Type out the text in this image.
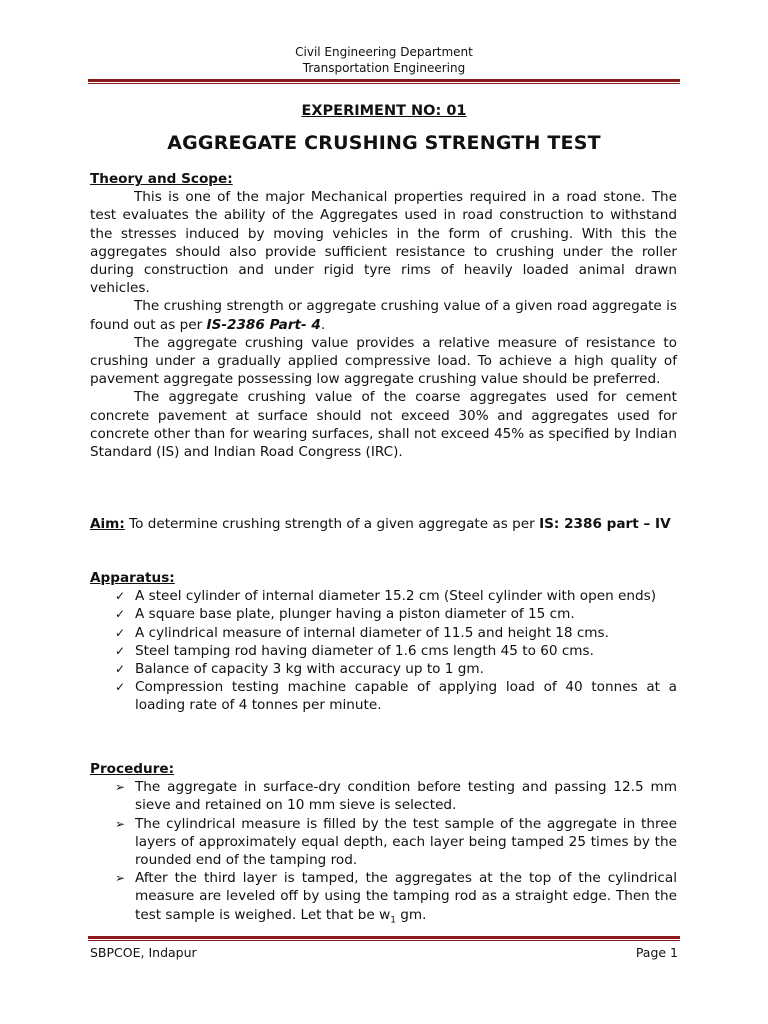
Civil Engineering Department
Transportation Engineering
EXPERIMENT NO: 01
AGGREGATE CRUSHING STRENGTH TEST
Theory and Scope:

This is one of the major Mechanical properties required in a road stone. The test evaluates the ability of the Aggregates used in road construction to withstand the stresses induced by moving vehicles in the form of crushing. With this the aggregates should also provide sufficient resistance to crushing under the roller during construction and under rigid tyre rims of heavily loaded animal drawn vehicles.

The crushing strength or aggregate crushing value of a given road aggregate is found out as per IS-2386 Part- 4.

The aggregate crushing value provides a relative measure of resistance to crushing under a gradually applied compressive load. To achieve a high quality of pavement aggregate possessing low aggregate crushing value should be preferred.

The aggregate crushing value of the coarse aggregates used for cement concrete pavement at surface should not exceed 30% and aggregates used for concrete other than for wearing surfaces, shall not exceed 45% as specified by Indian Standard (IS) and Indian Road Congress (IRC).

Aim: To determine crushing strength of a given aggregate as per IS: 2386 part – IV

Apparatus:
✓ A steel cylinder of internal diameter 15.2 cm (Steel cylinder with open ends)
✓ A square base plate, plunger having a piston diameter of 15 cm.
✓ A cylindrical measure of internal diameter of 11.5 and height 18 cms.
✓ Steel tamping rod having diameter of 1.6 cms length 45 to 60 cms.
✓ Balance of capacity 3 kg with accuracy up to 1 gm.
✓ Compression testing machine capable of applying load of 40 tonnes at a loading rate of 4 tonnes per minute.
Procedure:
➢ The aggregate in surface-dry condition before testing and passing 12.5 mm sieve and retained on 10 mm sieve is selected.
➢ The cylindrical measure is filled by the test sample of the aggregate in three layers of approximately equal depth, each layer being tamped 25 times by the rounded end of the tamping rod.
➢ After the third layer is tamped, the aggregates at the top of the cylindrical measure are leveled off by using the tamping rod as a straight edge. Then the test sample is weighed. Let that be $w_1$ gm.
SBPCOE, Indapur	Page 1
